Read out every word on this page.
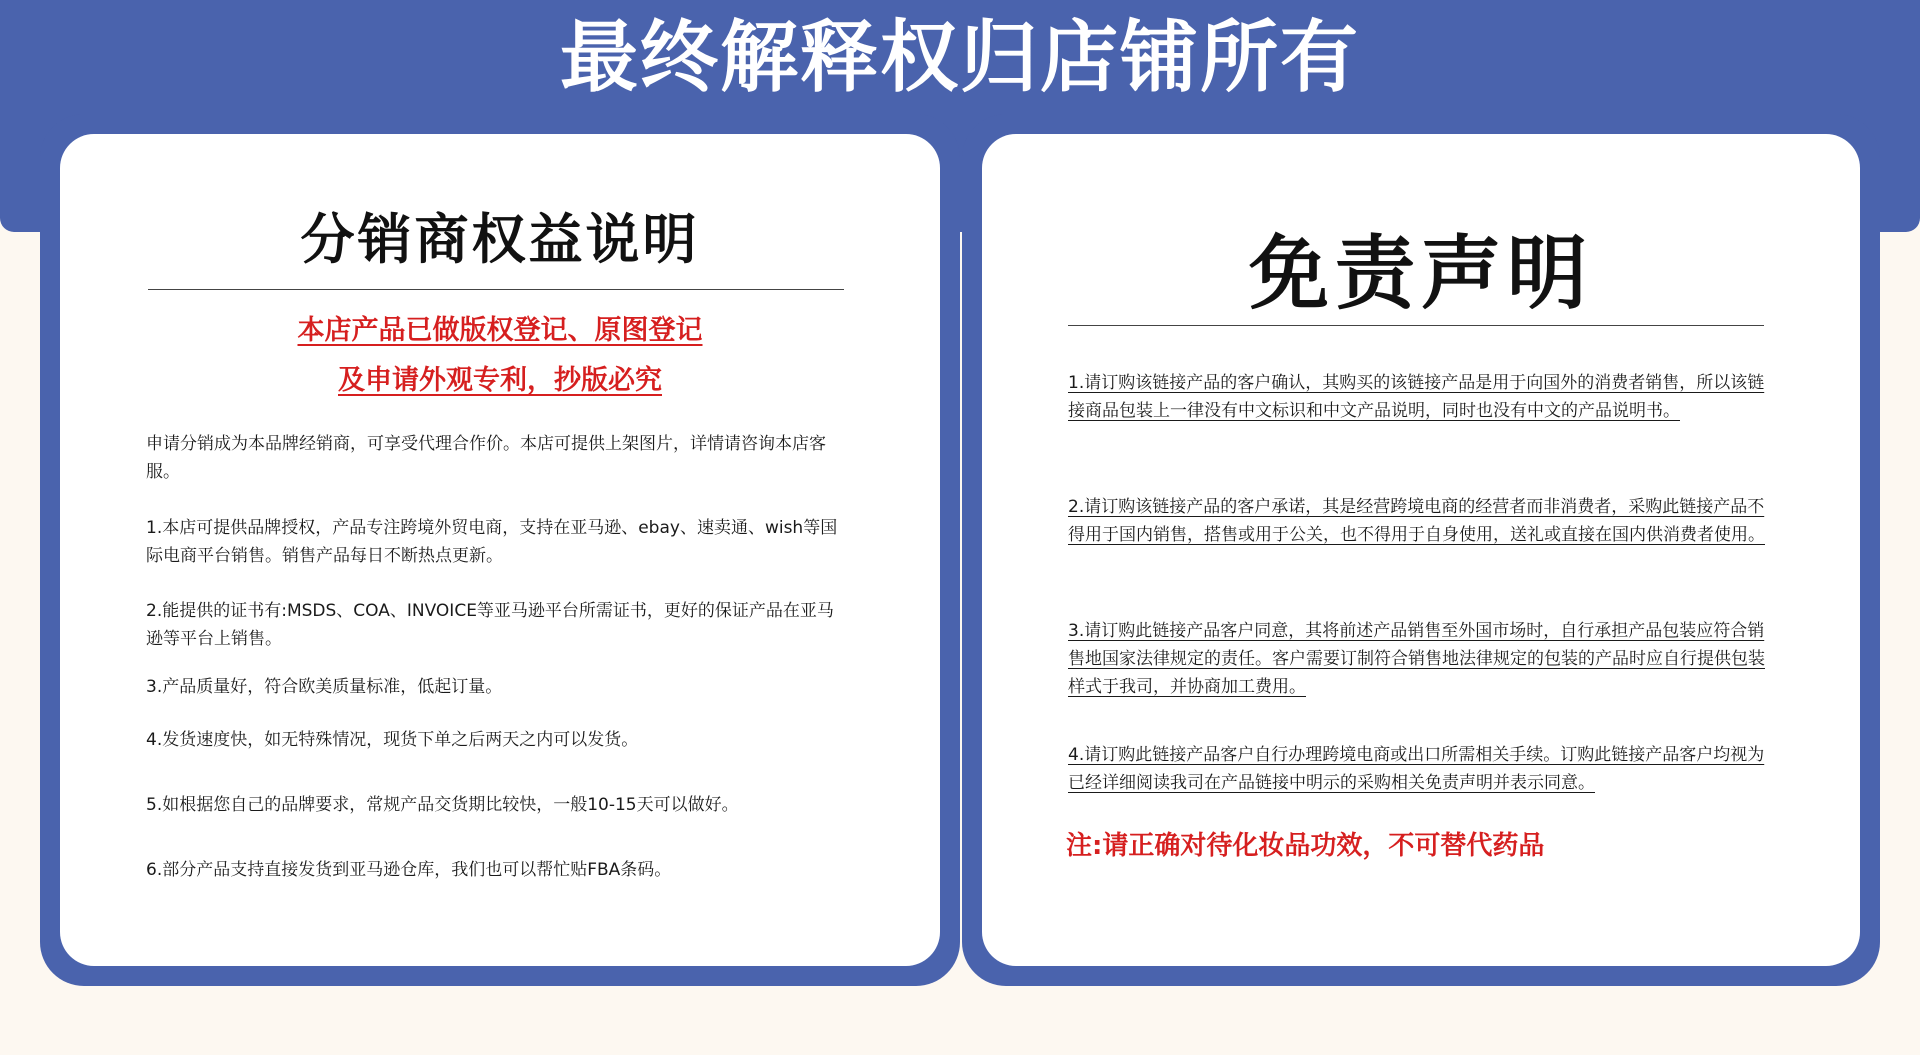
最终解释权归店铺所有
分销商权益说明
本店产品已做版权登记、原图登记
及申请外观专利，抄版必究

申请分销成为本品牌经销商，可享受代理合作价。本店可提供上架图片，详情请咨询本店客服。

1.本店可提供品牌授权，产品专注跨境外贸电商，支持在亚马逊、ebay、速卖通、wish等国际电商平台销售。销售产品每日不断热点更新。

2.能提供的证书有:MSDS、COA、INVOICE等亚马逊平台所需证书，更好的保证产品在亚马逊等平台上销售。

3.产品质量好，符合欧美质量标准，低起订量。

4.发货速度快，如无特殊情况，现货下单之后两天之内可以发货。

5.如根据您自己的品牌要求，常规产品交货期比较快，一般10-15天可以做好。

6.部分产品支持直接发货到亚马逊仓库，我们也可以帮忙贴FBA条码。

免责声明

1.请订购该链接产品的客户确认，其购买的该链接产品是用于向国外的消费者销售，所以该链接商品包装上一律没有中文标识和中文产品说明，同时也没有中文的产品说明书。

2.请订购该链接产品的客户承诺，其是经营跨境电商的经营者而非消费者，采购此链接产品不得用于国内销售，搭售或用于公关，也不得用于自身使用，送礼或直接在国内供消费者使用。

3.请订购此链接产品客户同意，其将前述产品销售至外国市场时，自行承担产品包装应符合销售地国家法律规定的责任。客户需要订制符合销售地法律规定的包装的产品时应自行提供包装样式于我司，并协商加工费用。

4.请订购此链接产品客户自行办理跨境电商或出口所需相关手续。订购此链接产品客户均视为已经详细阅读我司在产品链接中明示的采购相关免责声明并表示同意。

注:请正确对待化妆品功效，不可替代药品
